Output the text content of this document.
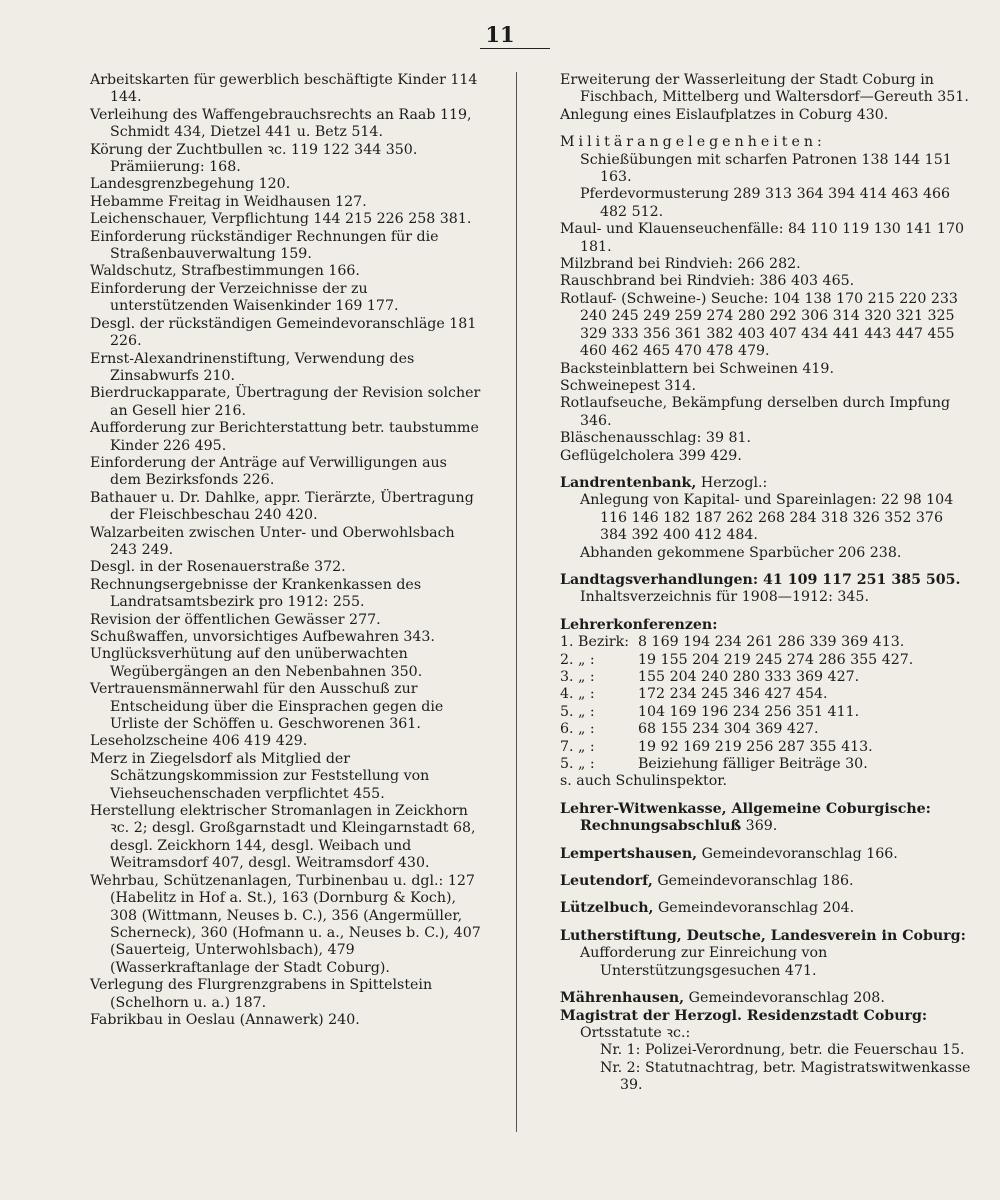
11

Arbeitskarten für gewerblich beschäftigte Kinder 114 144.

Verleihung des Waffengebrauchsrechts an Raab 119, Schmidt 434, Dietzel 441 u. Betz 514.

Körung der Zuchtbullen ꝛc. 119 122 344 350. Prämiierung: 168.

Landesgrenzbegehung 120.

Hebamme Freitag in Weidhausen 127.

Leichenschauer, Verpflichtung 144 215 226 258 381.

Einforderung rückständiger Rechnungen für die Straßenbauverwaltung 159.

Waldschutz, Strafbestimmungen 166.

Einforderung der Verzeichnisse der zu unterstützenden Waisenkinder 169 177.

Desgl. der rückständigen Gemeindevoranschläge 181 226.

Ernst-Alexandrinenstiftung, Verwendung des Zinsabwurfs 210.

Bierdruckapparate, Übertragung der Revision solcher an Gesell hier 216.

Aufforderung zur Berichterstattung betr. taubstumme Kinder 226 495.

Einforderung der Anträge auf Verwilligungen aus dem Bezirksfonds 226.

Bathauer u. Dr. Dahlke, appr. Tierärzte, Übertragung der Fleischbeschau 240 420.

Walzarbeiten zwischen Unter- und Oberwohlsbach 243 249.

Desgl. in der Rosenauerstraße 372.

Rechnungsergebnisse der Krankenkassen des Landratsamtsbezirk pro 1912: 255.

Revision der öffentlichen Gewässer 277.

Schußwaffen, unvorsichtiges Aufbewahren 343.

Unglücksverhütung auf den unüberwachten Wegübergängen an den Nebenbahnen 350.

Vertrauensmännerwahl für den Ausschuß zur Entscheidung über die Einsprachen gegen die Urliste der Schöffen u. Geschworenen 361.

Leseholzscheine 406 419 429.

Merz in Ziegelsdorf als Mitglied der Schätzungskommission zur Feststellung von Viehseuchenschaden verpflichtet 455.

Herstellung elektrischer Stromanlagen in Zeickhorn ꝛc. 2; desgl. Großgarnstadt und Kleingarnstadt 68, desgl. Zeickhorn 144, desgl. Weibach und Weitramsdorf 407, desgl. Weitramsdorf 430.

Wehrbau, Schützenanlagen, Turbinenbau u. dgl.: 127 (Habelitz in Hof a. St.), 163 (Dornburg & Koch), 308 (Wittmann, Neuses b. C.), 356 (Angermüller, Scherneck), 360 (Hofmann u. a., Neuses b. C.), 407 (Sauerteig, Unterwohlsbach), 479 (Wasserkraftanlage der Stadt Coburg).

Verlegung des Flurgrenzgrabens in Spittelstein (Schelhorn u. a.) 187.

Fabrikbau in Oeslau (Annawerk) 240.

Erweiterung der Wasserleitung der Stadt Coburg in Fischbach, Mittelberg und Waltersdorf—Gereuth 351.

Anlegung eines Eislaufplatzes in Coburg 430.

Militärangelegenheiten:

Schießübungen mit scharfen Patronen 138 144 151 163.

Pferdevormusterung 289 313 364 394 414 463 466 482 512.

Maul- und Klauenseuchenfälle: 84 110 119 130 141 170 181.

Milzbrand bei Rindvieh: 266 282.

Rauschbrand bei Rindvieh: 386 403 465.

Rotlauf- (Schweine-) Seuche: 104 138 170 215 220 233 240 245 249 259 274 280 292 306 314 320 321 325 329 333 356 361 382 403 407 434 441 443 447 455 460 462 465 470 478 479.

Backsteinblattern bei Schweinen 419.

Schweinepest 314.

Rotlaufseuche, Bekämpfung derselben durch Impfung 346.

Bläschenausschlag: 39 81.

Geflügelcholera 399 429.

Landrentenbank, Herzogl.:

Anlegung von Kapital- und Spareinlagen: 22 98 104 116 146 182 187 262 268 284 318 326 352 376 384 392 400 412 484.

Abhanden gekommene Sparbücher 206 238.

Landtagsverhandlungen: 41 109 117 251 385 505.

Inhaltsverzeichnis für 1908—1912: 345.

Lehrerkonferenzen:

1. Bezirk: 8 169 194 234 261 286 339 369 413.
2. „ :	19 155 204 219 245 274 286 355 427.
3. „ :	155 204 240 280 333 369 427.
4. „ :	172 234 245 346 427 454.
5. „ :	104 169 196 234 256 351 411.
6. „ :	68 155 234 304 369 427.
7. „ :	19 92 169 219 256 287 355 413.
5. „ :	Beiziehung fälliger Beiträge 30.

s. auch Schulinspektor.

Lehrer-Witwenkasse, Allgemeine Coburgische: Rechnungsabschluß 369.

Lempertshausen, Gemeindevoranschlag 166.

Leutendorf, Gemeindevoranschlag 186.

Lützelbuch, Gemeindevoranschlag 204.

Lutherstiftung, Deutsche, Landesverein in Coburg:

Aufforderung zur Einreichung von Unterstützungsgesuchen 471.

Mährenhausen, Gemeindevoranschlag 208.

Magistrat der Herzogl. Residenzstadt Coburg:

Ortsstatute ꝛc.:

Nr. 1: Polizei-Verordnung, betr. die Feuerschau 15.

Nr. 2: Statutnachtrag, betr. Magistratswitwenkasse 39.
